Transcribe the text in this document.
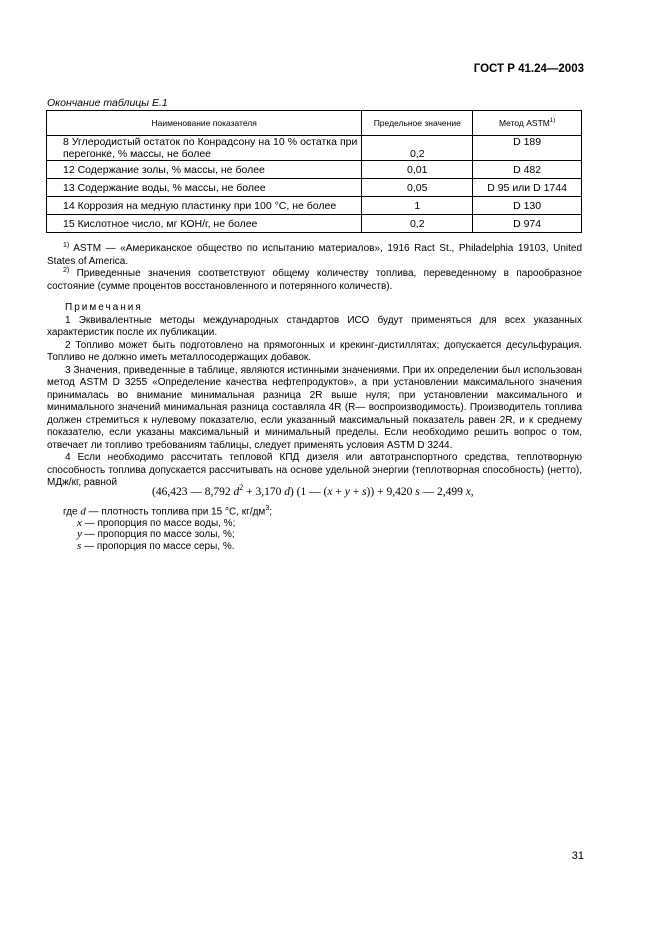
ГОСТ Р 41.24—2003
Окончание таблицы Е.1
Наименование показателя	Предельное значение	Метод ASTM$^{1)}$
8 Углеродистый остаток по Конрадсону на 10 % остатка при перегонке, % массы, не более	0,2	D 189
12 Содержание золы, % массы, не более	0,01	D 482
13 Содержание воды, % массы, не более	0,05	D 95 или D 1744
14 Коррозия на медную пластинку при 100 °С, не более	1	D 130
15 Кислотное число, мг КОН/г, не более	0,2	D 974
$^{1)}$ ASTM — «Американское общество по испытанию материалов», 1916 Ract St., Philadelphia 19103, United States of America.
$^{2)}$ Приведенные значения соответствуют общему количеству топлива, переведенному в парообразное состояние (сумме процентов восстановленного и потерянного количеств).

Примечания

1 Эквивалентные методы международных стандартов ИСО будут применяться для всех указанных характеристик после их публикации.

2 Топливо может быть подготовлено на прямогонных и крекинг-дистиллятах; допускается десульфурация. Топливо не должно иметь металлосодержащих добавок.

3 Значения, приведенные в таблице, являются истинными значениями. При их определении был использован метод ASTM D 3255 «Определение качества нефтепродуктов», а при установлении максимального значения принималась во внимание минимальная разница 2R выше нуля; при установлении максимального и минимального значений минимальная разница составляла 4R (R— воспроизводимость). Производитель топлива должен стремиться к нулевому показателю, если указанный максимальный показатель равен 2R, и к среднему показателю, если указаны максимальный и минимальный пределы. Если необходимо решить вопрос о том, отвечает ли топливо требованиям таблицы, следует применять условия ASTM D 3244.

4 Если необходимо рассчитать тепловой КПД дизеля или автотранспортного средства, теплотворную способность топлива допускается рассчитывать на основе удельной энергии (теплотворная способность) (нетто), МДж/кг, равной

(46,423 — 8,792 $d^2 + 3,170$ d) (1 — (x + y + s)) + 9,420 s — 2,499 x,
где d — плотность топлива при 15 °С, $кг/дм^3$;
x — пропорция по массе воды, %;
y — пропорция по массе золы, %;
s — пропорция по массе серы, %.
31
